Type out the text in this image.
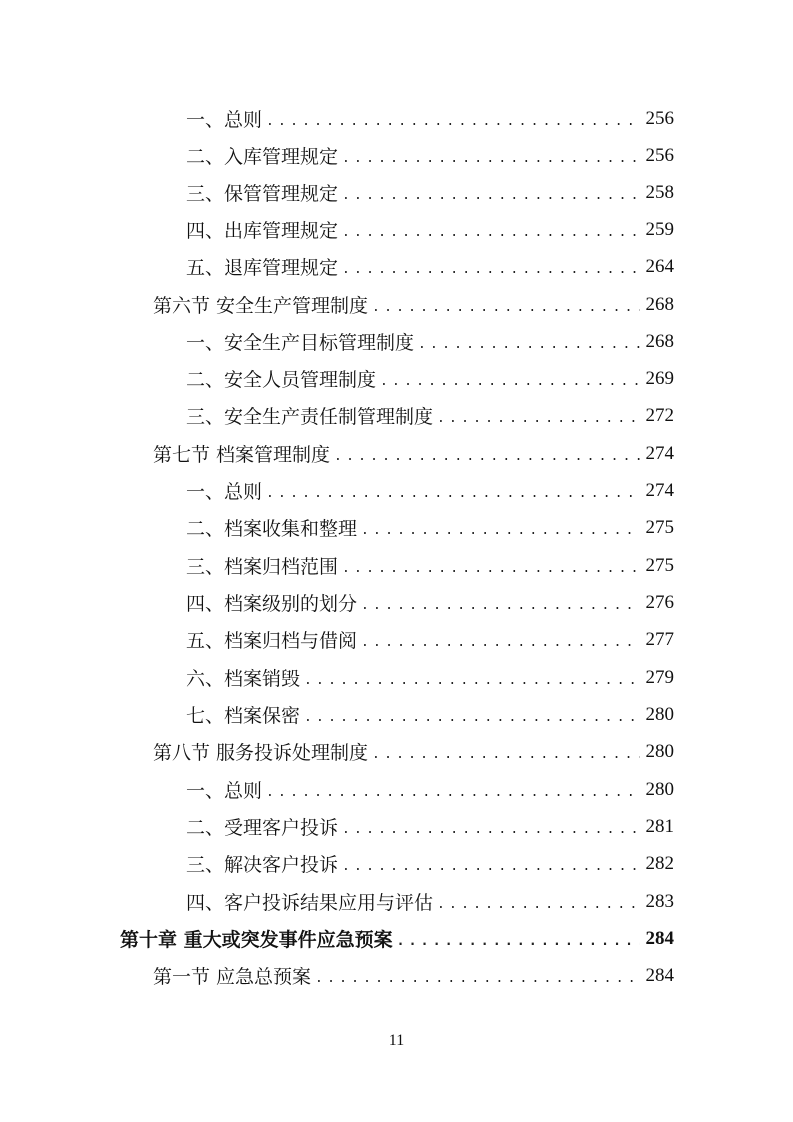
一、总则 .....	256
二、入库管理规定 .....	256
三、保管管理规定 .....	258
四、出库管理规定 .....	259
五、退库管理规定 .....	264
第六节 安全生产管理制度 .....	268
一、安全生产目标管理制度 .....	268
二、安全人员管理制度 .....	269
三、安全生产责任制管理制度 .....	272
第七节 档案管理制度 .....	274
一、总则 .....	274
二、档案收集和整理 .....	275
三、档案归档范围 .....	275
四、档案级别的划分 .....	276
五、档案归档与借阅 .....	277
六、档案销毁 .....	279
七、档案保密 .....	280
第八节 服务投诉处理制度 .....	280
一、总则 .....	280
二、受理客户投诉 .....	281
三、解决客户投诉 .....	282
四、客户投诉结果应用与评估 .....	283
第十章 重大或突发事件应急预案 .....	284
第一节 应急总预案 .....	284
11
